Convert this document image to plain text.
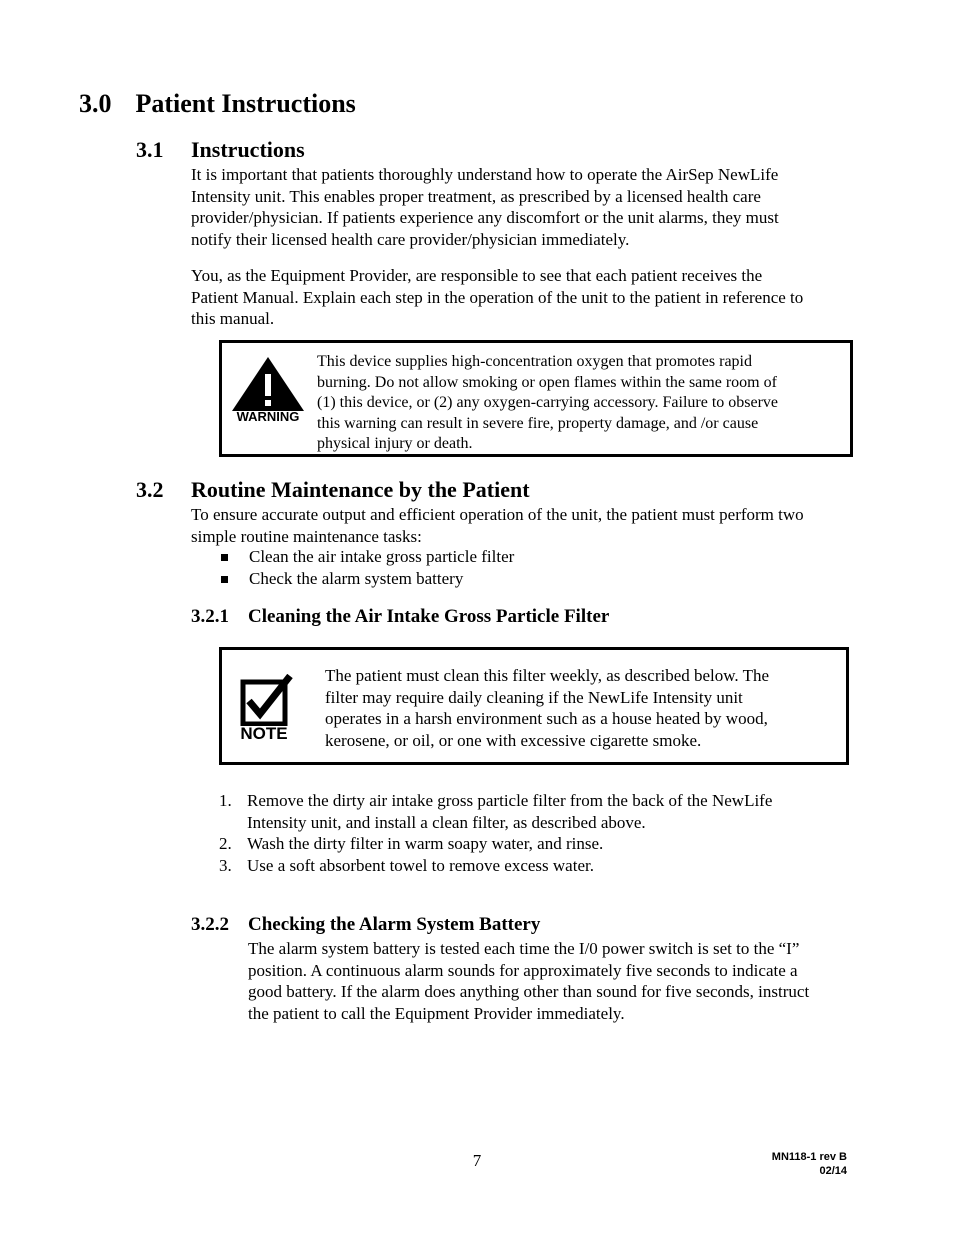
3.0 Patient Instructions
3.1	Instructions
It is important that patients thoroughly understand how to operate the AirSep NewLife
Intensity unit. This enables proper treatment, as prescribed by a licensed health care
provider/physician. If patients experience any discomfort or the unit alarms, they must
notify their licensed health care provider/physician immediately.
You, as the Equipment Provider, are responsible to see that each patient receives the
Patient Manual. Explain each step in the operation of the unit to the patient in reference to
this manual.
WARNING
This device supplies high-concentration oxygen that promotes rapid
burning. Do not allow smoking or open flames within the same room of
(1) this device, or (2) any oxygen-carrying accessory. Failure to observe
this warning can result in severe fire, property damage, and /or cause
physical injury or death.
3.2 Routine Maintenance by the Patient
To ensure accurate output and efficient operation of the unit, the patient must perform two
simple routine maintenance tasks:
Clean the air intake gross particle filter
Check the alarm system battery
3.2.1 Cleaning the Air Intake Gross Particle Filter
NOTE
The patient must clean this filter weekly, as described below. The
filter may require daily cleaning if the NewLife Intensity unit
operates in a harsh environment such as a house heated by wood,
kerosene, or oil, or one with excessive cigarette smoke.
1. Remove the dirty air intake gross particle filter from the back of the NewLife
Intensity unit, and install a clean filter, as described above.
2. Wash the dirty filter in warm soapy water, and rinse.
3. Use a soft absorbent towel to remove excess water.
3.2.2 Checking the Alarm System Battery
The alarm system battery is tested each time the I/0 power switch is set to the “I”
position. A continuous alarm sounds for approximately five seconds to indicate a
good battery. If the alarm does anything other than sound for five seconds, instruct
the patient to call the Equipment Provider immediately.
7	MN118-1 rev B
02/14
